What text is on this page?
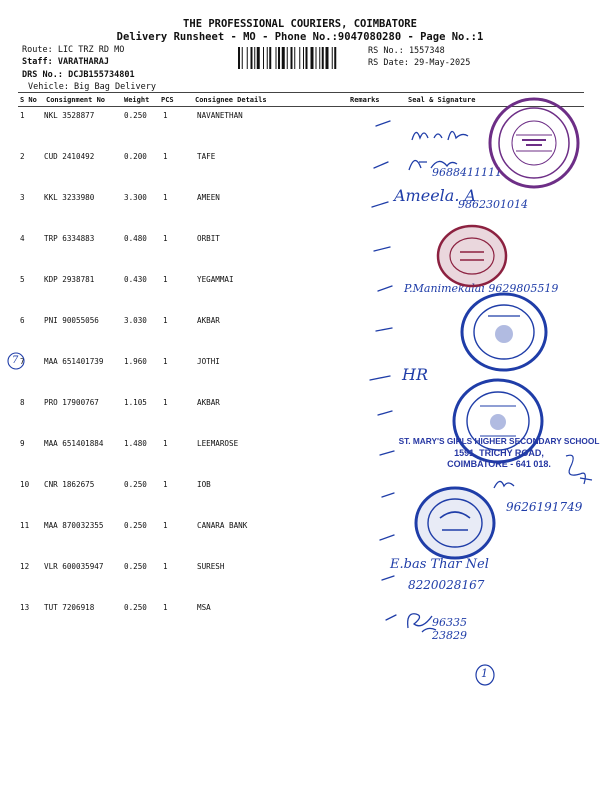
THE PROFESSIONAL COURIERS, COIMBATORE
Delivery Runsheet - MO - Phone No.:9047080280 - Page No.:1
Route: LIC TRZ RD MO
Staff: VARATHARAJ
DRS No.: DCJB155734801
Vehicle: Big Bag Delivery
RS No.: 1557348
RS Date: 29-May-2025
S No Consignment No	Weight PCS	Consignee Details	Remarks	Seal & Signature
1	NKL 3528877	0.250 1	NAVANETHAN
2	CUD 2410492	0.200 1	TAFE
3	KKL 3233980	3.300 1	AMEEN
4	TRP 6334883	0.480 1	ORBIT
5	KDP 2938781	0.430 1	YEGAMMAI
6	PNI 90055056	3.030 1	AKBAR
7	MAA 651401739	1.960 1	JOTHI
8	PRO 17900767	1.105 1	AKBAR
9	MAA 651401884	1.480 1	LEEMAROSE
10 CNR 1862675	0.250 1	IOB
11 MAA 870032355	0.250 1	CANARA BANK
12 VLR 600035947	0.250 1	SURESH
13 TUT 7206918	0.250 1	MSA
7
9688411111
Ameela. A
9862301014
P.Manimekalai 9629805519
HR
9626191749
E.bas Thar Nel
8220028167
96335 23829
1
ST. MARY'S GIRLS HIGHER SECONDARY SCHOOL
1591, TRICHY ROAD,
COIMBATORE - 641 018.
